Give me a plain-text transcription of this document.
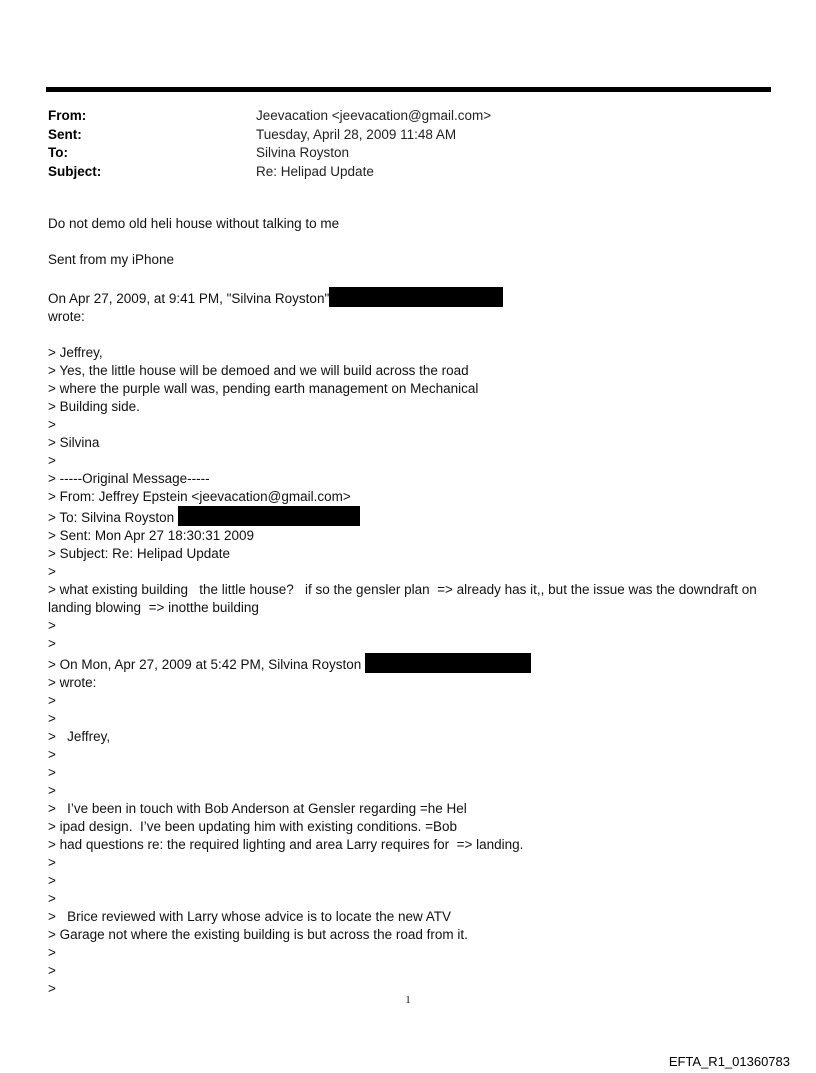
From:	Jeevacation <jeevacation@gmail.com>
Sent:	Tuesday, April 28, 2009 11:48 AM
To:	Silvina Royston
Subject:	Re: Helipad Update
Do not demo old heli house without talking to me
Sent from my iPhone
On Apr 27, 2009, at 9:41 PM, "Silvina Royston"
wrote:
> Jeffrey,
> Yes, the little house will be demoed and we will build across the road
> where the purple wall was, pending earth management on Mechanical
> Building side.
>
> Silvina
>
> -----Original Message-----
> From: Jeffrey Epstein <jeevacation@gmail.com>
> To: Silvina Royston
> Sent: Mon Apr 27 18:30:31 2009
> Subject: Re: Helipad Update
>
> what existing building   the little house?   if so the gensler plan  => already has it,, but the issue was the downdraft on
landing blowing  => inotthe building
>
>
> On Mon, Apr 27, 2009 at 5:42 PM, Silvina Royston
> wrote:
>
>
>   Jeffrey,
>
>
>
>   I’ve been in touch with Bob Anderson at Gensler regarding =he Hel
> ipad design.  I’ve been updating him with existing conditions. =Bob
> had questions re: the required lighting and area Larry requires for  => landing.
>
>
>
>   Brice reviewed with Larry whose advice is to locate the new ATV
> Garage not where the existing building is but across the road from it.
>
>
>
1
EFTA_R1_01360783
